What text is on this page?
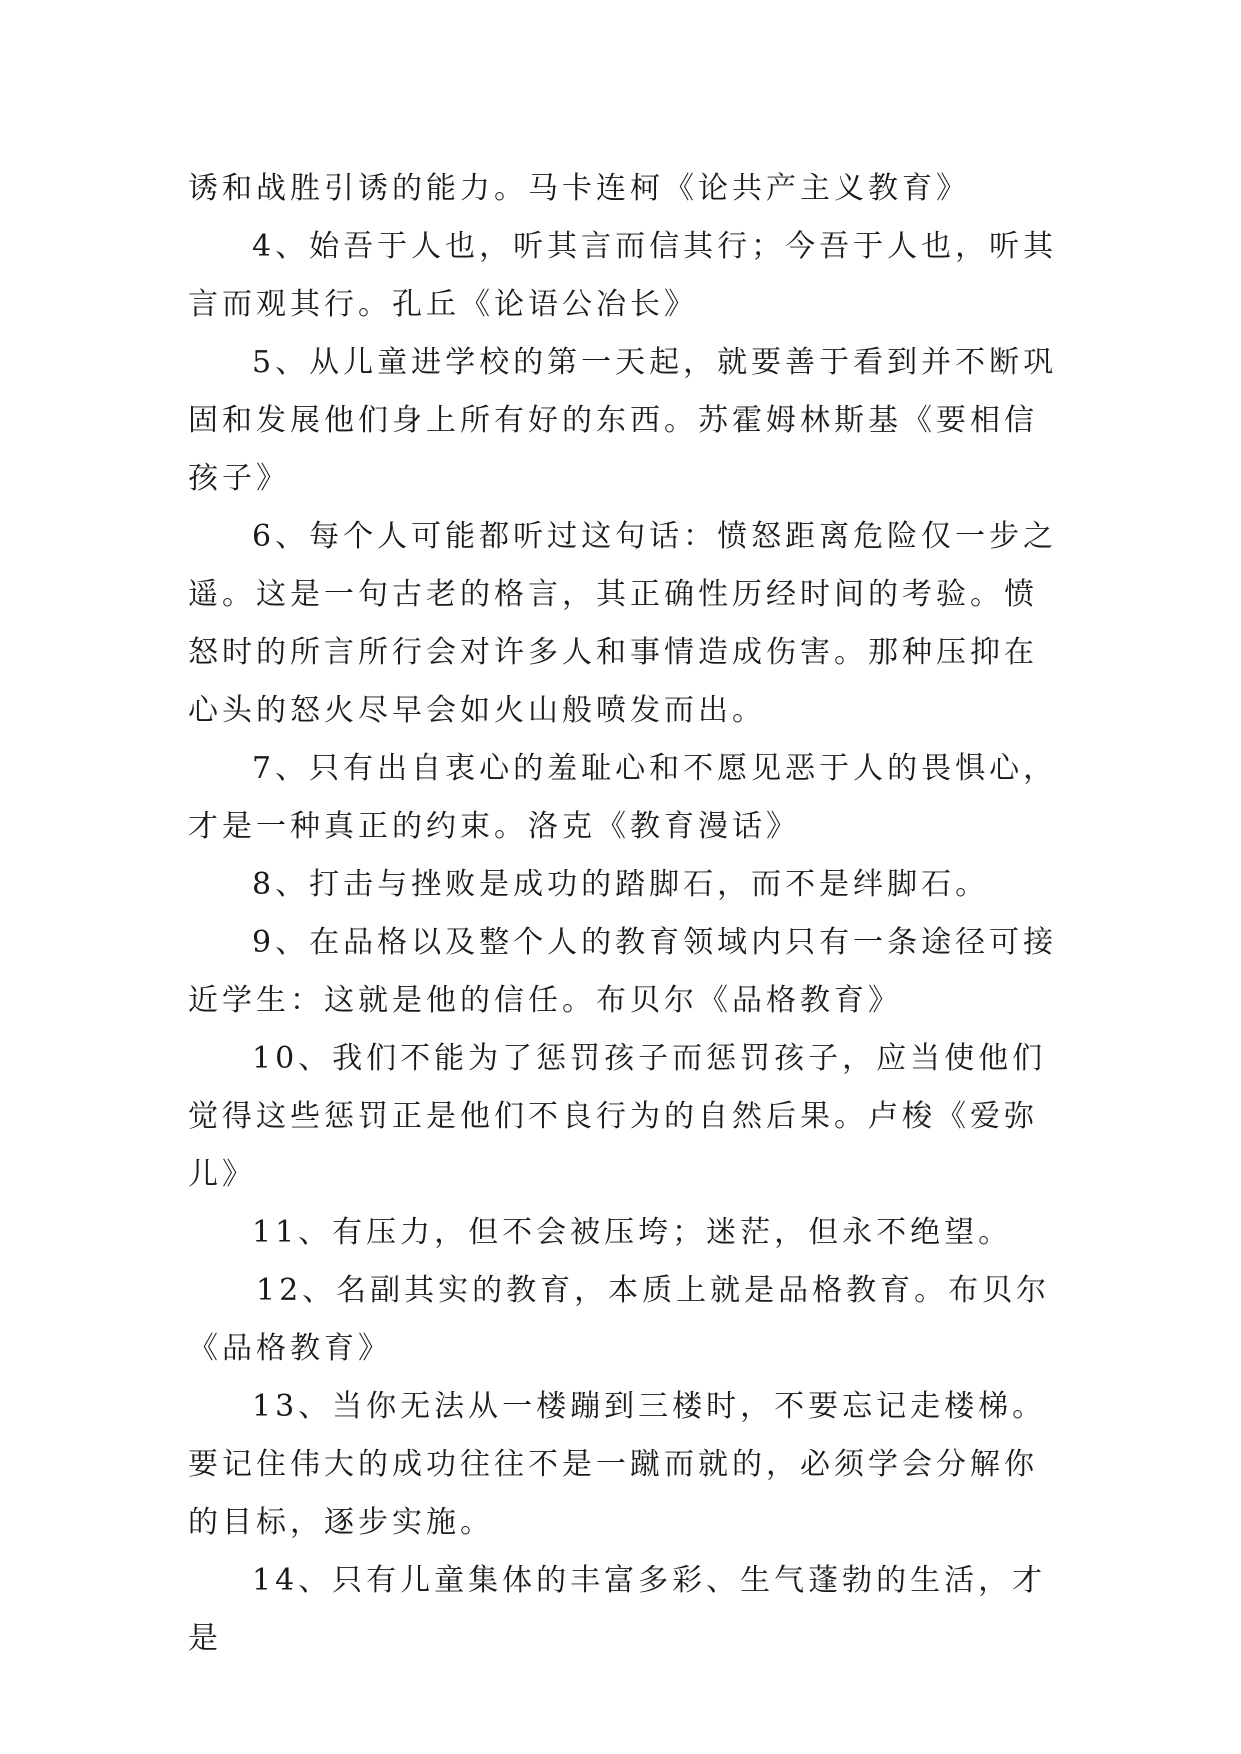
诱和战胜引诱的能力。马卡连柯《论共产主义教育》

4、始吾于人也，听其言而信其行；今吾于人也，听其言而观其行。孔丘《论语公冶长》

5、从儿童进学校的第一天起，就要善于看到并不断巩固和发展他们身上所有好的东西。苏霍姆林斯基《要相信孩子》

6、每个人可能都听过这句话：愤怒距离危险仅一步之遥。这是一句古老的格言，其正确性历经时间的考验。愤怒时的所言所行会对许多人和事情造成伤害。那种压抑在心头的怒火尽早会如火山般喷发而出。

7、只有出自衷心的羞耻心和不愿见恶于人的畏惧心，才是一种真正的约束。洛克《教育漫话》

8、打击与挫败是成功的踏脚石，而不是绊脚石。

9、在品格以及整个人的教育领域内只有一条途径可接近学生：这就是他的信任。布贝尔《品格教育》

10、我们不能为了惩罚孩子而惩罚孩子，应当使他们觉得这些惩罚正是他们不良行为的自然后果。卢梭《爱弥儿》

11、有压力，但不会被压垮；迷茫，但永不绝望。

12、名副其实的教育，本质上就是品格教育。布贝尔《品格教育》

13、当你无法从一楼蹦到三楼时，不要忘记走楼梯。要记住伟大的成功往往不是一蹴而就的，必须学会分解你的目标，逐步实施。

14、只有儿童集体的丰富多彩、生气蓬勃的生活，才是
